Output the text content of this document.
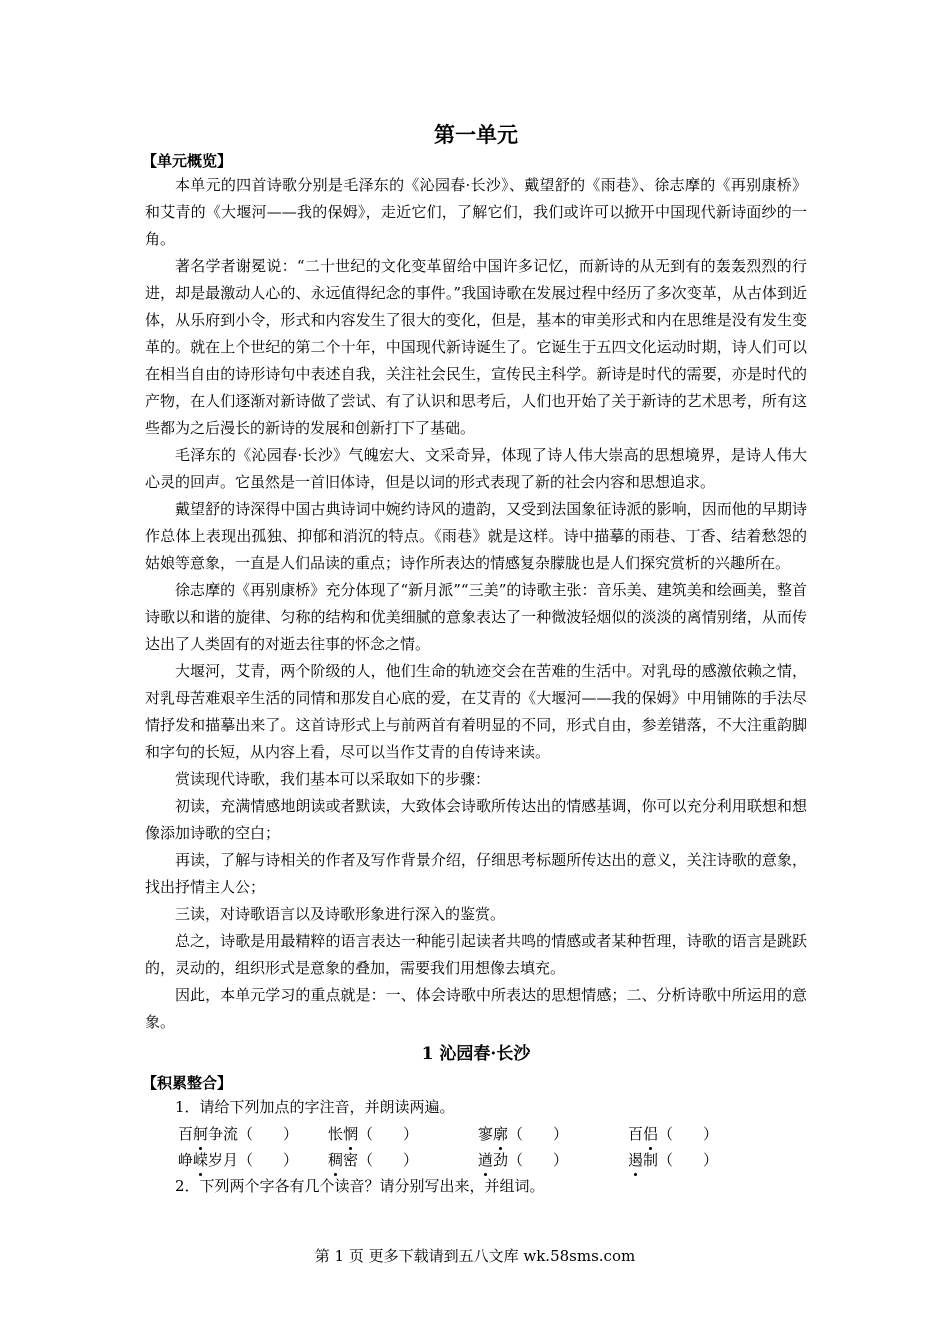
第一单元
【单元概览】

本单元的四首诗歌分别是毛泽东的《沁园春·长沙》、戴望舒的《雨巷》、徐志摩的《再别康桥》和艾青的《大堰河——我的保姆》，走近它们，了解它们，我们或许可以掀开中国现代新诗面纱的一角。

著名学者谢冕说：“二十世纪的文化变革留给中国许多记忆，而新诗的从无到有的轰轰烈烈的行进，却是最激动人心的、永远值得纪念的事件。”我国诗歌在发展过程中经历了多次变革，从古体到近体，从乐府到小令，形式和内容发生了很大的变化，但是，基本的审美形式和内在思维是没有发生变革的。就在上个世纪的第二个十年，中国现代新诗诞生了。它诞生于五四文化运动时期，诗人们可以在相当自由的诗形诗句中表述自我，关注社会民生，宣传民主科学。新诗是时代的需要，亦是时代的产物，在人们逐渐对新诗做了尝试、有了认识和思考后，人们也开始了关于新诗的艺术思考，所有这些都为之后漫长的新诗的发展和创新打下了基础。

毛泽东的《沁园春·长沙》气魄宏大、文采奇异，体现了诗人伟大崇高的思想境界，是诗人伟大心灵的回声。它虽然是一首旧体诗，但是以词的形式表现了新的社会内容和思想追求。

戴望舒的诗深得中国古典诗词中婉约诗风的遗韵，又受到法国象征诗派的影响，因而他的早期诗作总体上表现出孤独、抑郁和消沉的特点。《雨巷》就是这样。诗中描摹的雨巷、丁香、结着愁怨的姑娘等意象，一直是人们品读的重点；诗作所表达的情感复杂朦胧也是人们探究赏析的兴趣所在。

徐志摩的《再别康桥》充分体现了“新月派”“三美”的诗歌主张：音乐美、建筑美和绘画美，整首诗歌以和谐的旋律、匀称的结构和优美细腻的意象表达了一种微波轻烟似的淡淡的离情别绪，从而传达出了人类固有的对逝去往事的怀念之情。

大堰河，艾青，两个阶级的人，他们生命的轨迹交会在苦难的生活中。对乳母的感激依赖之情，对乳母苦难艰辛生活的同情和那发自心底的爱，在艾青的《大堰河——我的保姆》中用铺陈的手法尽情抒发和描摹出来了。这首诗形式上与前两首有着明显的不同，形式自由，参差错落，不大注重韵脚和字句的长短，从内容上看，尽可以当作艾青的自传诗来读。

赏读现代诗歌，我们基本可以采取如下的步骤：

初读，充满情感地朗读或者默读，大致体会诗歌所传达出的情感基调，你可以充分利用联想和想像添加诗歌的空白；

再读，了解与诗相关的作者及写作背景介绍，仔细思考标题所传达出的意义，关注诗歌的意象，找出抒情主人公；

三读，对诗歌语言以及诗歌形象进行深入的鉴赏。

总之，诗歌是用最精粹的语言表达一种能引起读者共鸣的情感或者某种哲理，诗歌的语言是跳跃的，灵动的，组织形式是意象的叠加，需要我们用想像去填充。

因此，本单元学习的重点就是：一、体会诗歌中所表达的思想情感；二、分析诗歌中所运用的意象。

1 沁园春·长沙
【积累整合】

1．请给下列加点的字注音，并朗读两遍。

百舸争流（　　）	怅惘（　　）	寥廓（　　）	百侣（　　）
峥嵘岁月（　　）	稠密（　　）	遒劲（　　）	遏制（　　）

2．下列两个字各有几个读音？请分别写出来，并组词。

第 1 页 更多下载请到五八文库 wk.58sms.com
